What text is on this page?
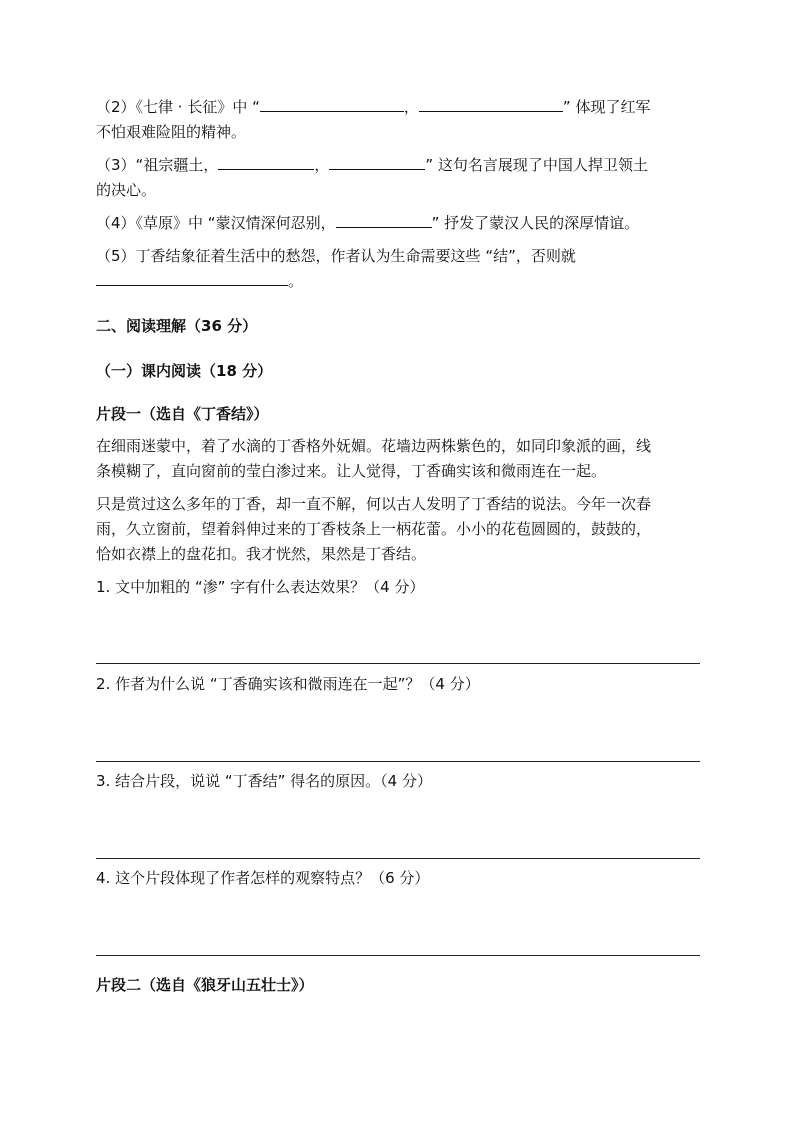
（2）《七律 · 长征》中 “	，	” 体现了红军
不怕艰难险阻的精神。
（3）“祖宗疆土，	，	” 这句名言展现了中国人捍卫领土
的决心。
（4）《草原》中 “蒙汉情深何忍别，	” 抒发了蒙汉人民的深厚情谊。
（5）丁香结象征着生活中的愁怨，作者认为生命需要这些 “结”，否则就
。
二、阅读理解（36 分）
（一）课内阅读（18 分）
片段一（选自《丁香结》）
在细雨迷蒙中，着了水滴的丁香格外妩媚。花墙边两株紫色的，如同印象派的画，线
条模糊了，直向窗前的莹白渗过来。让人觉得，丁香确实该和微雨连在一起。
只是赏过这么多年的丁香，却一直不解，何以古人发明了丁香结的说法。今年一次春
雨，久立窗前，望着斜伸过来的丁香枝条上一柄花蕾。小小的花苞圆圆的，鼓鼓的，
恰如衣襟上的盘花扣。我才恍然，果然是丁香结。
1. 文中加粗的 “渗” 字有什么表达效果？（4 分）
2. 作者为什么说 “丁香确实该和微雨连在一起”？（4 分）
3. 结合片段，说说 “丁香结” 得名的原因。（4 分）
4. 这个片段体现了作者怎样的观察特点？（6 分）
片段二（选自《狼牙山五壮士》）
